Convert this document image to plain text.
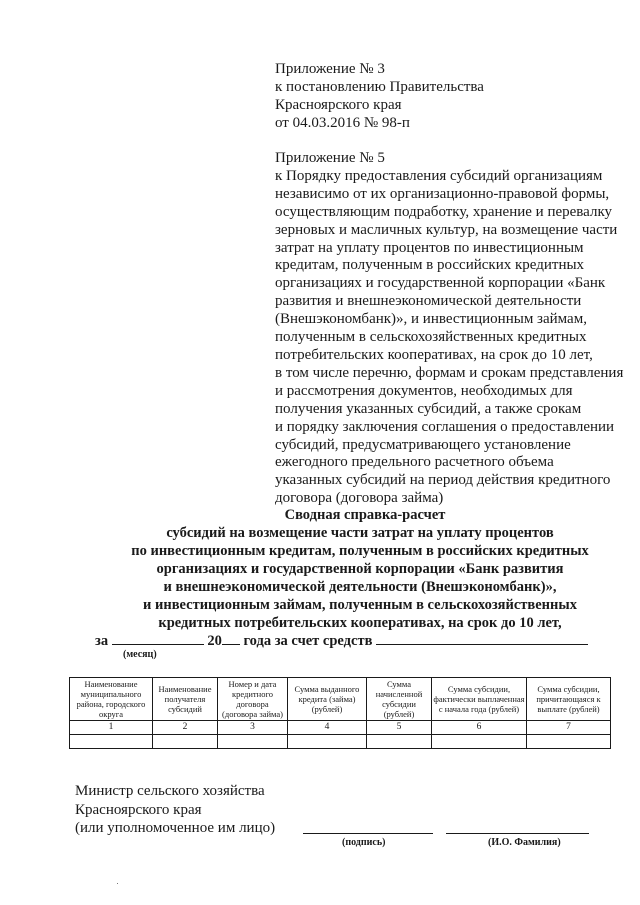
Приложение № 3
к постановлению Правительства
Красноярского края
от 04.03.2016 № 98-п
Приложение № 5
к Порядку предоставления субсидий организациям
независимо от их организационно-правовой формы,
осуществляющим подработку, хранение и перевалку
зерновых и масличных культур, на возмещение части
затрат на уплату процентов по инвестиционным
кредитам, полученным в российских кредитных
организациях и государственной корпорации «Банк
развития и внешнеэкономической деятельности
(Внешэкономбанк)», и инвестиционным займам,
полученным в сельскохозяйственных кредитных
потребительских кооперативах, на срок до 10 лет,
в том числе перечню, формам и срокам представления
и рассмотрения документов, необходимых для
получения указанных субсидий, а также срокам
и порядку заключения соглашения о предоставлении
субсидий, предусматривающего установление
ежегодного предельного расчетного объема
указанных субсидий на период действия кредитного
договора (договора займа)
Сводная справка-расчет
субсидий на возмещение части затрат на уплату процентов
по инвестиционным кредитам, полученным в российских кредитных
организациях и государственной корпорации «Банк развития
и внешнеэкономической деятельности (Внешэкономбанк)»,
и инвестиционным займам, полученным в сельскохозяйственных
кредитных потребительских кооперативах, на срок до 10 лет,
за	20 года за счет средств
(месяц)
Наименование муниципального района, городского округа	Наименование получателя субсидий	Номер и дата кредитного договора (договора займа)	Сумма выданного кредита (займа) (рублей)	Сумма начисленной субсидии (рублей)	Сумма субсидии, фактически выплаченная с начала года (рублей)	Сумма субсидии, причитающаяся к выплате (рублей)
1	2	3	4	5	6	7

Министр сельского хозяйства
Красноярского края
(или уполномоченное им лицо)
(подпись)	(И.О. Фамилия)
